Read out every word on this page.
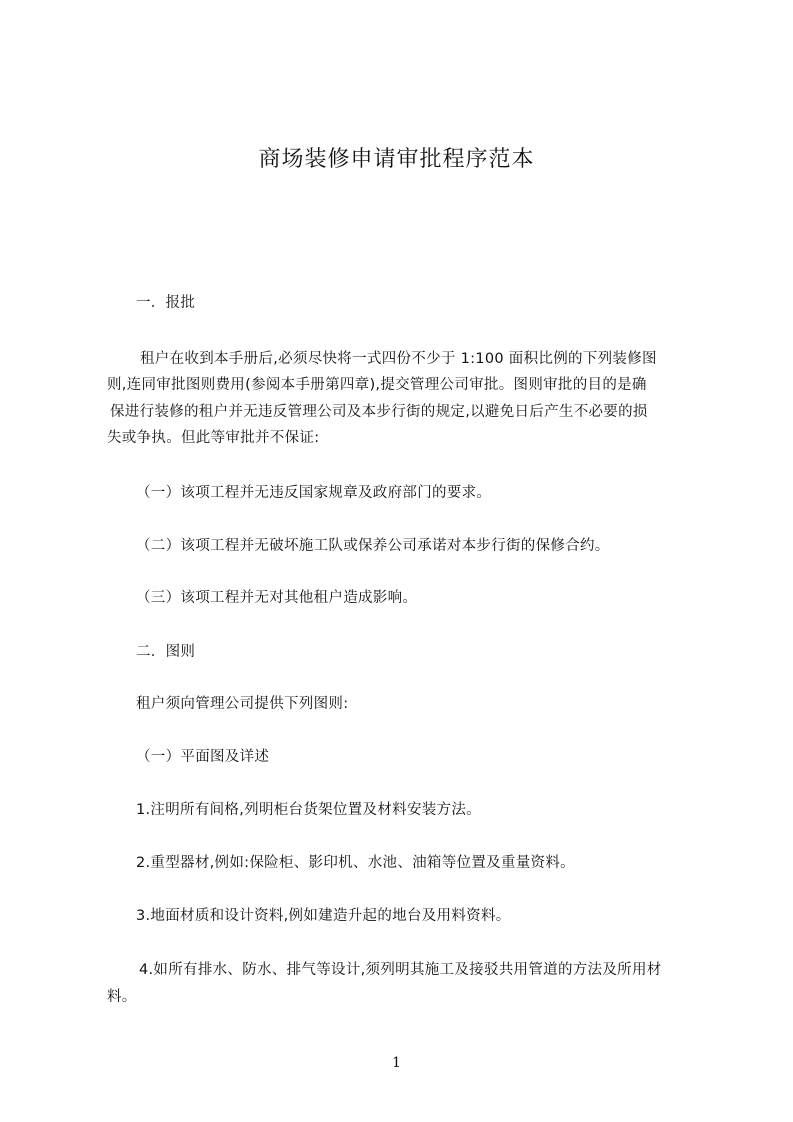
商场装修申请审批程序范本
一．报批
租户在收到本手册后,必须尽快将一式四份不少于 1:100 面积比例的下列装修图
则,连同审批图则费用(参阅本手册第四章),提交管理公司审批。图则审批的目的是确
保进行装修的租户并无违反管理公司及本步行街的规定,以避免日后产生不必要的损
失或争执。但此等审批并不保证:
（一）该项工程并无违反国家规章及政府部门的要求。
（二）该项工程并无破坏施工队或保养公司承诺对本步行街的保修合约。
（三）该项工程并无对其他租户造成影响。
二．图则
租户须向管理公司提供下列图则:
（一）平面图及详述
1.注明所有间格,列明柜台货架位置及材料安装方法。
2.重型器材,例如:保险柜、影印机、水池、油箱等位置及重量资料。
3.地面材质和设计资料,例如建造升起的地台及用料资料。
4.如所有排水、防水、排气等设计,须列明其施工及接驳共用管道的方法及所用材
料。
1
